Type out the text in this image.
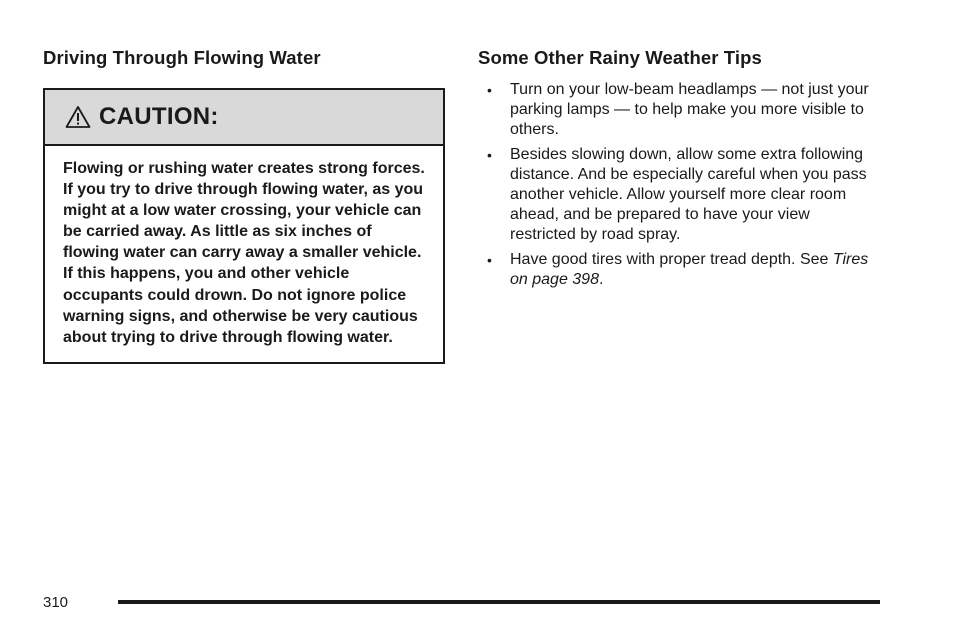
Driving Through Flowing Water
CAUTION:
Flowing or rushing water creates strong forces. If you try to drive through flowing water, as you might at a low water crossing, your vehicle can be carried away. As little as six inches of flowing water can carry away a smaller vehicle. If this happens, you and other vehicle occupants could drown. Do not ignore police warning signs, and otherwise be very cautious about trying to drive through flowing water.
Some Other Rainy Weather Tips
• Turn on your low-beam headlamps — not just your parking lamps — to help make you more visible to others.
• Besides slowing down, allow some extra following distance. And be especially careful when you pass another vehicle. Allow yourself more clear room ahead, and be prepared to have your view restricted by road spray.
• Have good tires with proper tread depth. See Tires on page 398.
310
